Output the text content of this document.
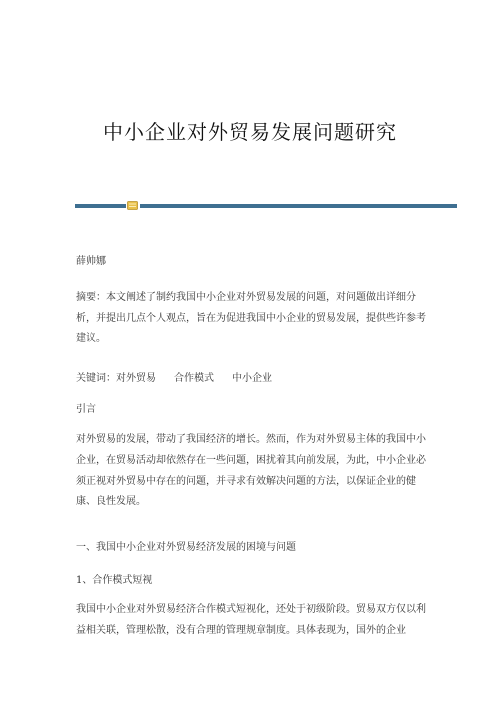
中小企业对外贸易发展问题研究

薛帅娜

摘要：本文阐述了制约我国中小企业对外贸易发展的问题，对问题做出详细分析，并提出几点个人观点，旨在为促进我国中小企业的贸易发展，提供些许参考建议。

关键词：对外贸易 合作模式 中小企业

引言

对外贸易的发展，带动了我国经济的增长。然而，作为对外贸易主体的我国中小企业，在贸易活动却依然存在一些问题，困扰着其向前发展，为此，中小企业必须正视对外贸易中存在的问题，并寻求有效解决问题的方法，以保证企业的健康、良性发展。

一、我国中小企业对外贸易经济发展的困境与问题

1、合作模式短视

我国中小企业对外贸易经济合作模式短视化，还处于初级阶段。贸易双方仅以利益相关联，管理松散，没有合理的管理规章制度。具体表现为，国外的企业
